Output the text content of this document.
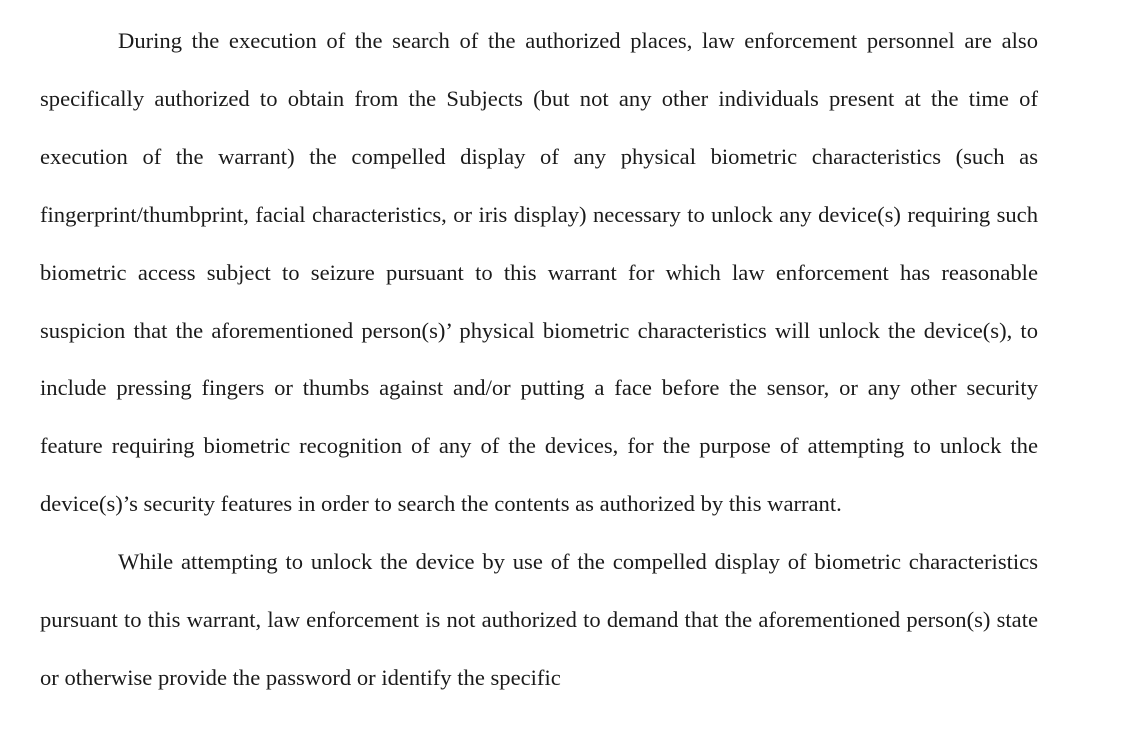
During the execution of the search of the authorized places, law enforcement personnel are also specifically authorized to obtain from the Subjects (but not any other individuals present at the time of execution of the warrant) the compelled display of any physical biometric characteristics (such as fingerprint/thumbprint, facial characteristics, or iris display) necessary to unlock any device(s) requiring such biometric access subject to seizure pursuant to this warrant for which law enforcement has reasonable suspicion that the aforementioned person(s)’ physical biometric characteristics will unlock the device(s), to include pressing fingers or thumbs against and/or putting a face before the sensor, or any other security feature requiring biometric recognition of any of the devices, for the purpose of attempting to unlock the device(s)’s security features in order to search the contents as authorized by this warrant.

While attempting to unlock the device by use of the compelled display of biometric characteristics pursuant to this warrant, law enforcement is not authorized to demand that the aforementioned person(s) state or otherwise provide the password or identify the specific
